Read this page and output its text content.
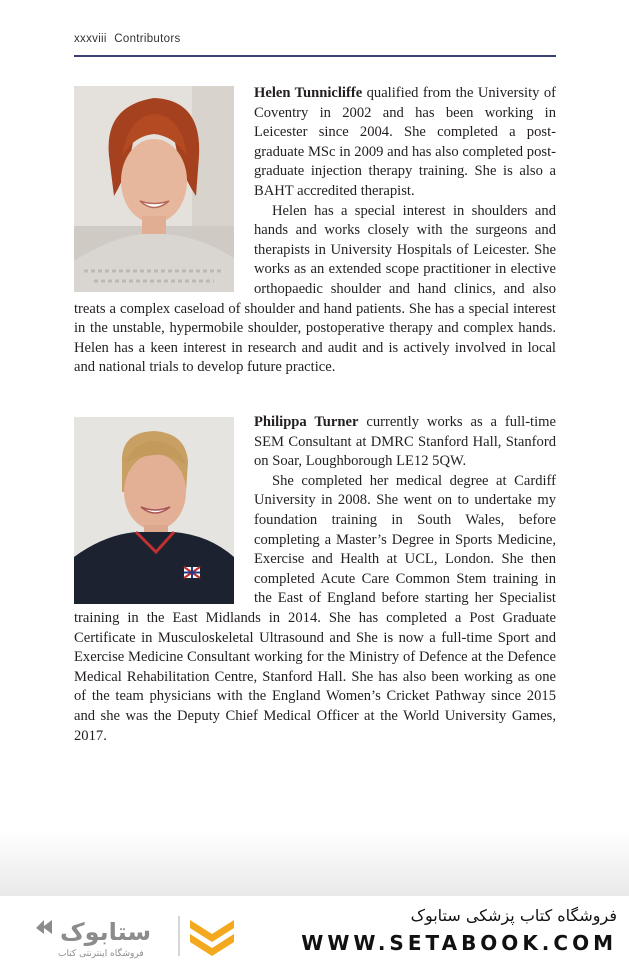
xxxviii Contributors

Helen Tunnicliffe qualified from the University of Coventry in 2002 and has been working in Leicester since 2004. She completed a post-graduate MSc in 2009 and has also completed post-graduate injection therapy training. She is also a BAHT accredited therapist.

Helen has a special interest in shoulders and hands and works closely with the surgeons and therapists in University Hospitals of Leicester. She works as an extended scope practitioner in elective orthopaedic shoulder and hand clinics, and also treats a complex caseload of shoulder and hand patients. She has a special interest in the unstable, hypermobile shoulder, postoperative therapy and complex hands. Helen has a keen interest in research and audit and is actively involved in local and national trials to develop future practice.

Philippa Turner currently works as a full-time SEM Consultant at DMRC Stanford Hall, Stanford on Soar, Loughborough LE12 5QW.

She completed her medical degree at Cardiff University in 2008. She went on to undertake my foundation training in South Wales, before completing a Master’s Degree in Sports Medicine, Exercise and Health at UCL, London. She then completed Acute Care Common Stem training in the East of England before starting her Specialist training in the East Midlands in 2014. She has completed a Post Graduate Certificate in Musculoskeletal Ultrasound and She is now a full-time Sport and Exercise Medicine Consultant working for the Ministry of Defence at the Defence Medical Rehabilitation Centre, Stanford Hall. She has also been working as one of the team physicians with the England Women’s Cricket Pathway since 2015 and she was the Deputy Chief Medical Officer at the World University Games, 2017.

ستابوک
فروشگاه اینترنتی کتاب
فروشگاه کتاب پزشکی ستابوک
WWW.SETABOOK.COM
